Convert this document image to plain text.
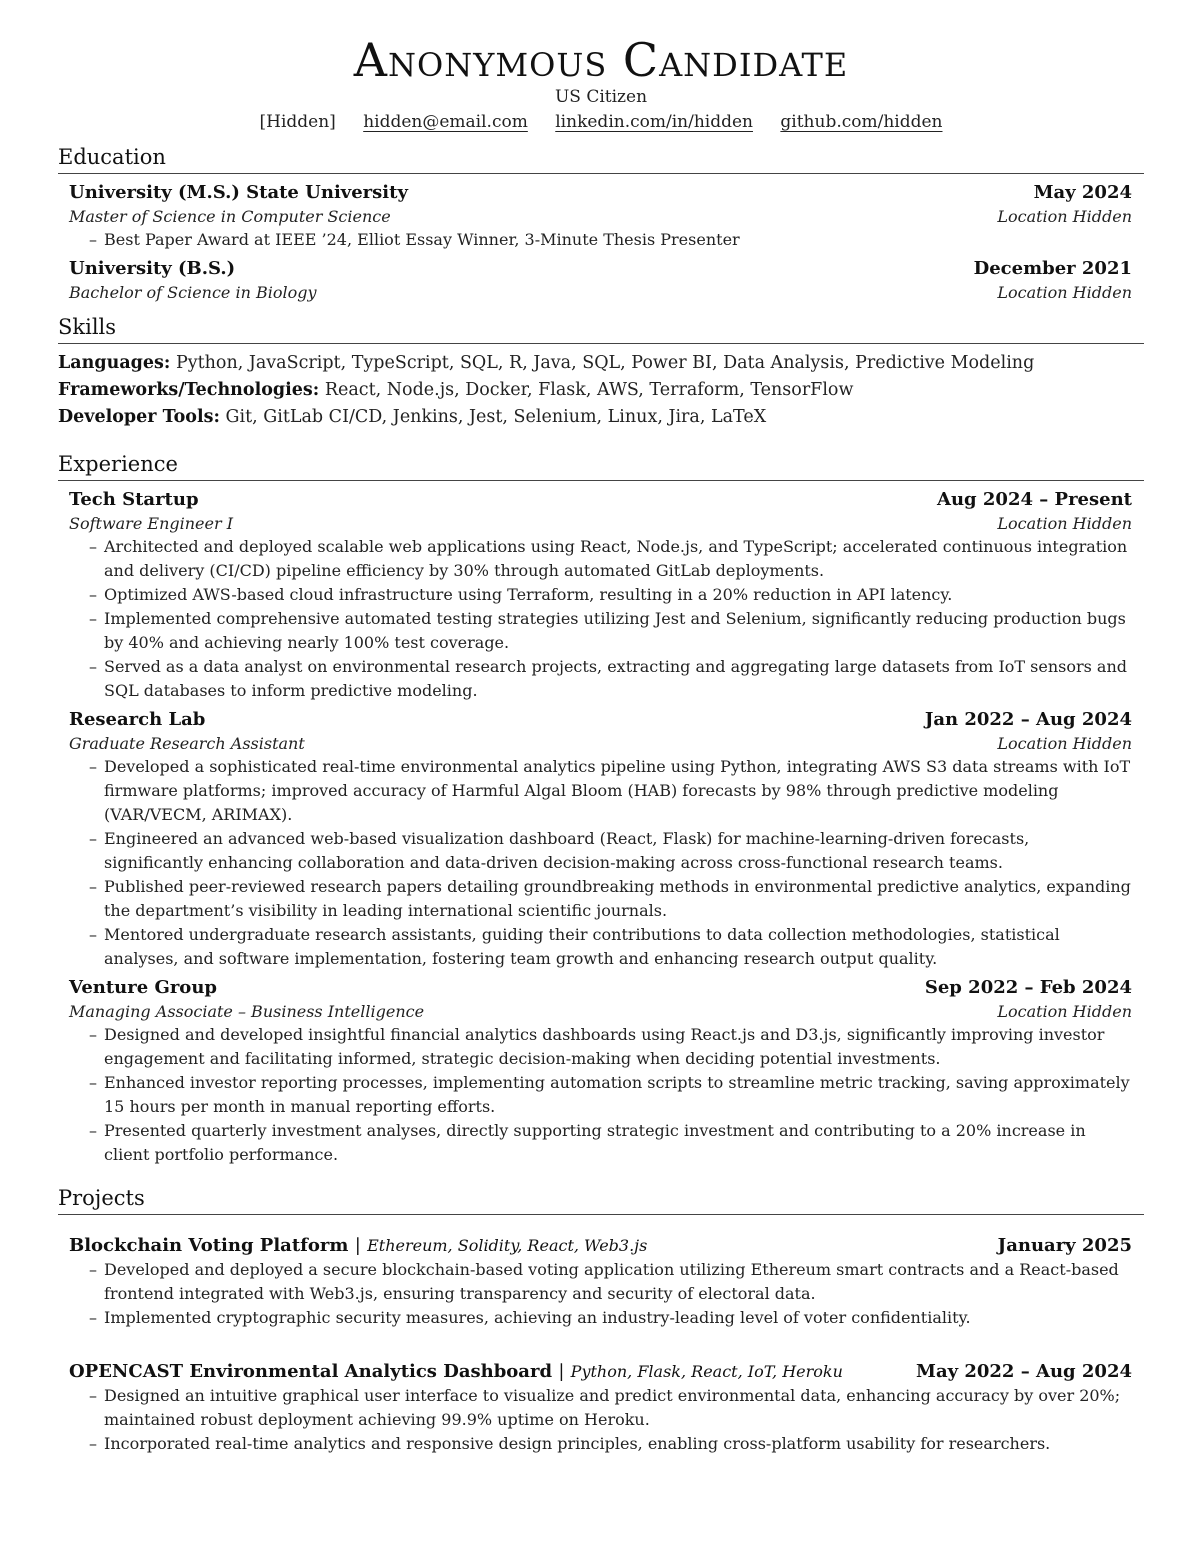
Anonymous Candidate
US Citizen
[Hidden] hidden@email.com linkedin.com/in/hidden github.com/hidden
Education
University (M.S.) State University	May 2024
Master of Science in Computer Science	Location Hidden
– Best Paper Award at IEEE ’24, Elliot Essay Winner, 3-Minute Thesis Presenter
University (B.S.)	December 2021
Bachelor of Science in Biology	Location Hidden
Skills
Languages: Python, JavaScript, TypeScript, SQL, R, Java, SQL, Power BI, Data Analysis, Predictive Modeling
Frameworks/Technologies: React, Node.js, Docker, Flask, AWS, Terraform, TensorFlow
Developer Tools: Git, GitLab CI/CD, Jenkins, Jest, Selenium, Linux, Jira, LaTeX
Experience
Tech Startup	Aug 2024 – Present
Software Engineer I	Location Hidden
– Architected and deployed scalable web applications using React, Node.js, and TypeScript; accelerated continuous integration and delivery (CI/CD) pipeline efficiency by 30% through automated GitLab deployments.
– Optimized AWS-based cloud infrastructure using Terraform, resulting in a 20% reduction in API latency.
– Implemented comprehensive automated testing strategies utilizing Jest and Selenium, significantly reducing production bugs by 40% and achieving nearly 100% test coverage.
– Served as a data analyst on environmental research projects, extracting and aggregating large datasets from IoT sensors and SQL databases to inform predictive modeling.
Research Lab	Jan 2022 – Aug 2024
Graduate Research Assistant	Location Hidden
– Developed a sophisticated real-time environmental analytics pipeline using Python, integrating AWS S3 data streams with IoT firmware platforms; improved accuracy of Harmful Algal Bloom (HAB) forecasts by 98% through predictive modeling (VAR/VECM, ARIMAX).
– Engineered an advanced web-based visualization dashboard (React, Flask) for machine-learning-driven forecasts, significantly enhancing collaboration and data-driven decision-making across cross-functional research teams.
– Published peer-reviewed research papers detailing groundbreaking methods in environmental predictive analytics, expanding the department’s visibility in leading international scientific journals.
– Mentored undergraduate research assistants, guiding their contributions to data collection methodologies, statistical analyses, and software implementation, fostering team growth and enhancing research output quality.
Venture Group	Sep 2022 – Feb 2024
Managing Associate – Business Intelligence	Location Hidden
– Designed and developed insightful financial analytics dashboards using React.js and D3.js, significantly improving investor engagement and facilitating informed, strategic decision-making when deciding potential investments.
– Enhanced investor reporting processes, implementing automation scripts to streamline metric tracking, saving approximately 15 hours per month in manual reporting efforts.
– Presented quarterly investment analyses, directly supporting strategic investment and contributing to a 20% increase in client portfolio performance.
Projects
Blockchain Voting Platform | Ethereum, Solidity, React, Web3.js	January 2025
– Developed and deployed a secure blockchain-based voting application utilizing Ethereum smart contracts and a React-based frontend integrated with Web3.js, ensuring transparency and security of electoral data.
– Implemented cryptographic security measures, achieving an industry-leading level of voter confidentiality.
OPENCAST Environmental Analytics Dashboard | Python, Flask, React, IoT, Heroku	May 2022 – Aug 2024
– Designed an intuitive graphical user interface to visualize and predict environmental data, enhancing accuracy by over 20%; maintained robust deployment achieving 99.9% uptime on Heroku.
– Incorporated real-time analytics and responsive design principles, enabling cross-platform usability for researchers.
